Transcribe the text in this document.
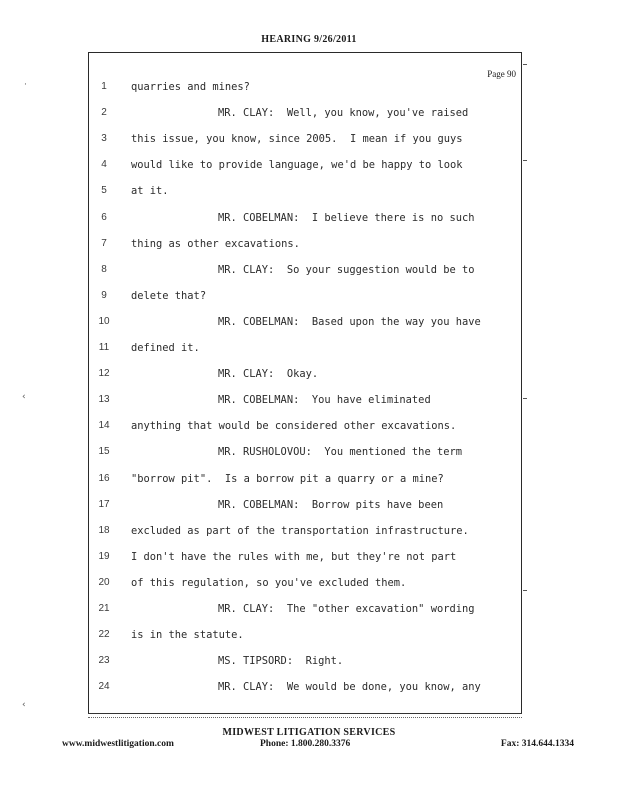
HEARING 9/26/2011
Page 90
1	quarries and mines?
2	MR. CLAY:  Well, you know, you've raised
3	this issue, you know, since 2005.  I mean if you guys
4	would like to provide language, we'd be happy to look
5	at it.
6	MR. COBELMAN:  I believe there is no such
7	thing as other excavations.
8	MR. CLAY:  So your suggestion would be to
9	delete that?
10	MR. COBELMAN:  Based upon the way you have
11	defined it.
12	MR. CLAY:  Okay.
13	MR. COBELMAN:  You have eliminated
14	anything that would be considered other excavations.
15	MR. RUSHOLOVOU:  You mentioned the term
16	"borrow pit".  Is a borrow pit a quarry or a mine?
17	MR. COBELMAN:  Borrow pits have been
18	excluded as part of the transportation infrastructure.
19	I don't have the rules with me, but they're not part
20	of this regulation, so you've excluded them.
21	MR. CLAY:  The "other excavation" wording
22	is in the statute.
23	MS. TIPSORD:  Right.
24	MR. CLAY:  We would be done, you know, any
MIDWEST LITIGATION SERVICES
www.midwestlitigation.com	Phone: 1.800.280.3376	Fax: 314.644.1334
·
‹
‹
